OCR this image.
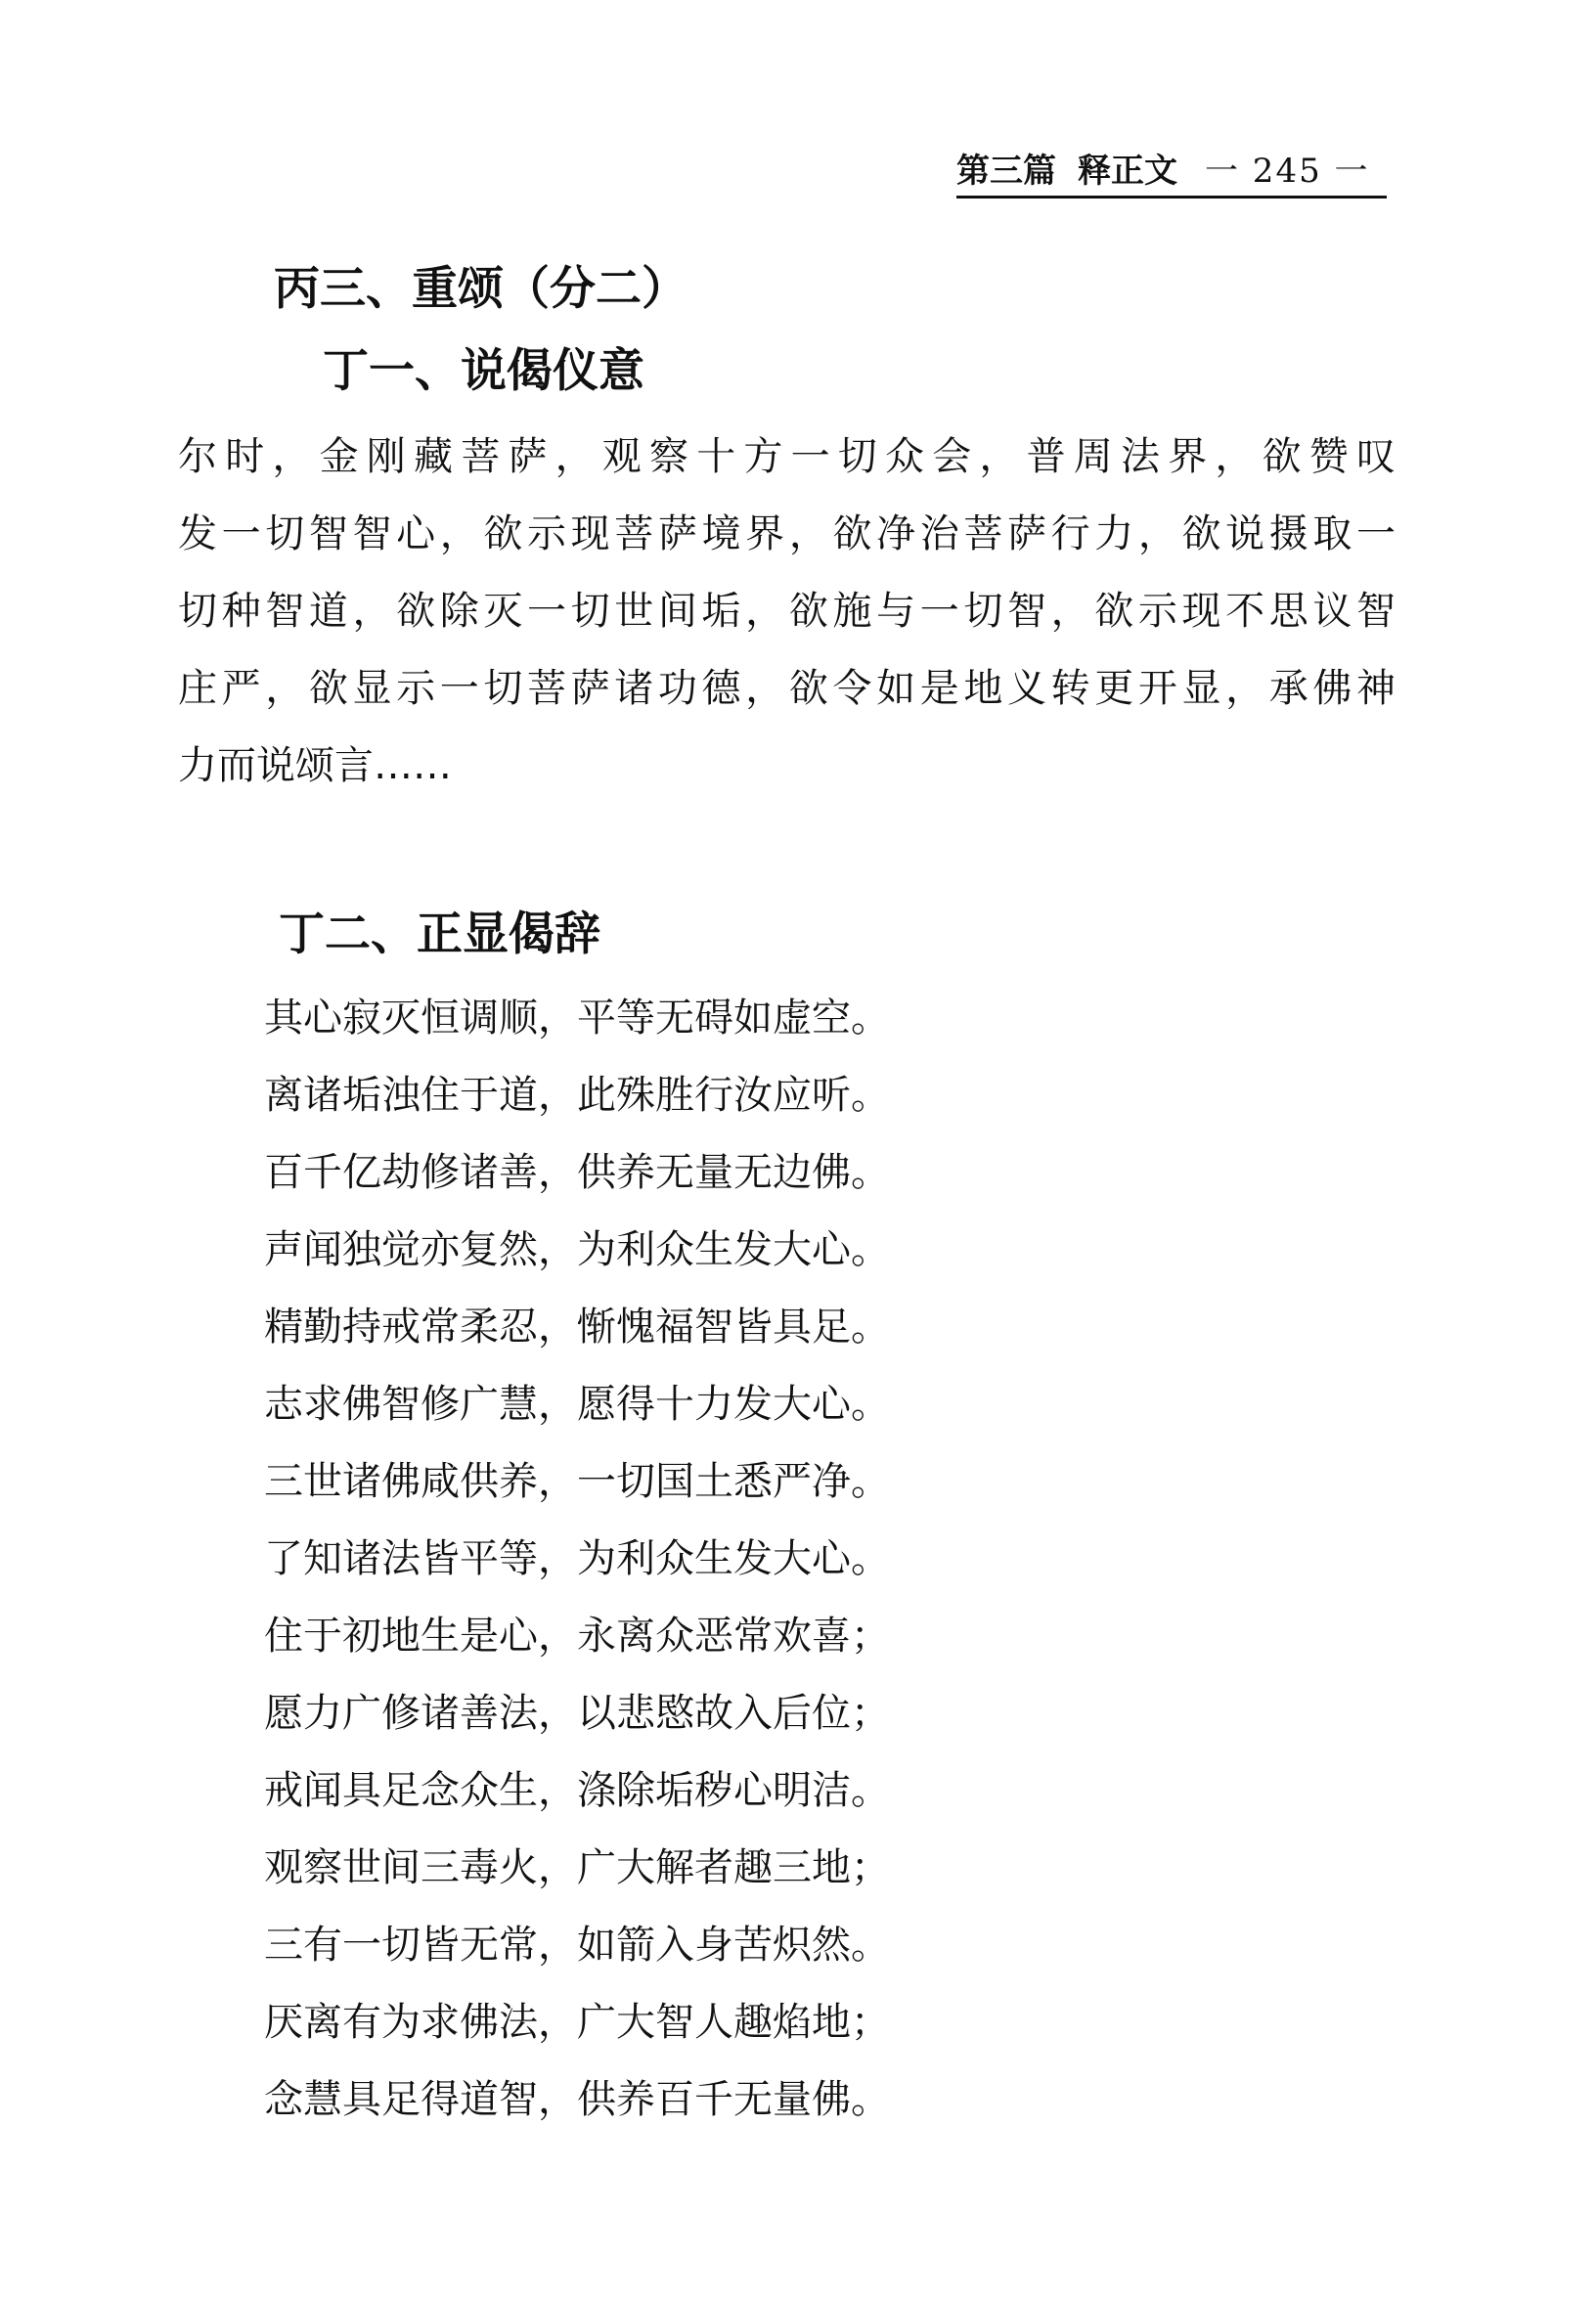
第三篇 释正文 一 245 一
丙三、重颂（分二）
丁一、说偈仪意
尔时，金刚藏菩萨，观察十方一切众会，普周法界，欲赞叹
发一切智智心，欲示现菩萨境界，欲净治菩萨行力，欲说摄取一
切种智道，欲除灭一切世间垢，欲施与一切智，欲示现不思议智
庄严，欲显示一切菩萨诸功德，欲令如是地义转更开显，承佛神
力而说颂言……
丁二、正显偈辞
其心寂灭恒调顺，平等无碍如虚空。
离诸垢浊住于道，此殊胜行汝应听。
百千亿劫修诸善，供养无量无边佛。
声闻独觉亦复然，为利众生发大心。
精勤持戒常柔忍，惭愧福智皆具足。
志求佛智修广慧，愿得十力发大心。
三世诸佛咸供养，一切国土悉严净。
了知诸法皆平等，为利众生发大心。
住于初地生是心，永离众恶常欢喜；
愿力广修诸善法，以悲愍故入后位；
戒闻具足念众生，涤除垢秽心明洁。
观察世间三毒火，广大解者趣三地；
三有一切皆无常，如箭入身苦炽然。
厌离有为求佛法，广大智人趣焰地；
念慧具足得道智，供养百千无量佛。
